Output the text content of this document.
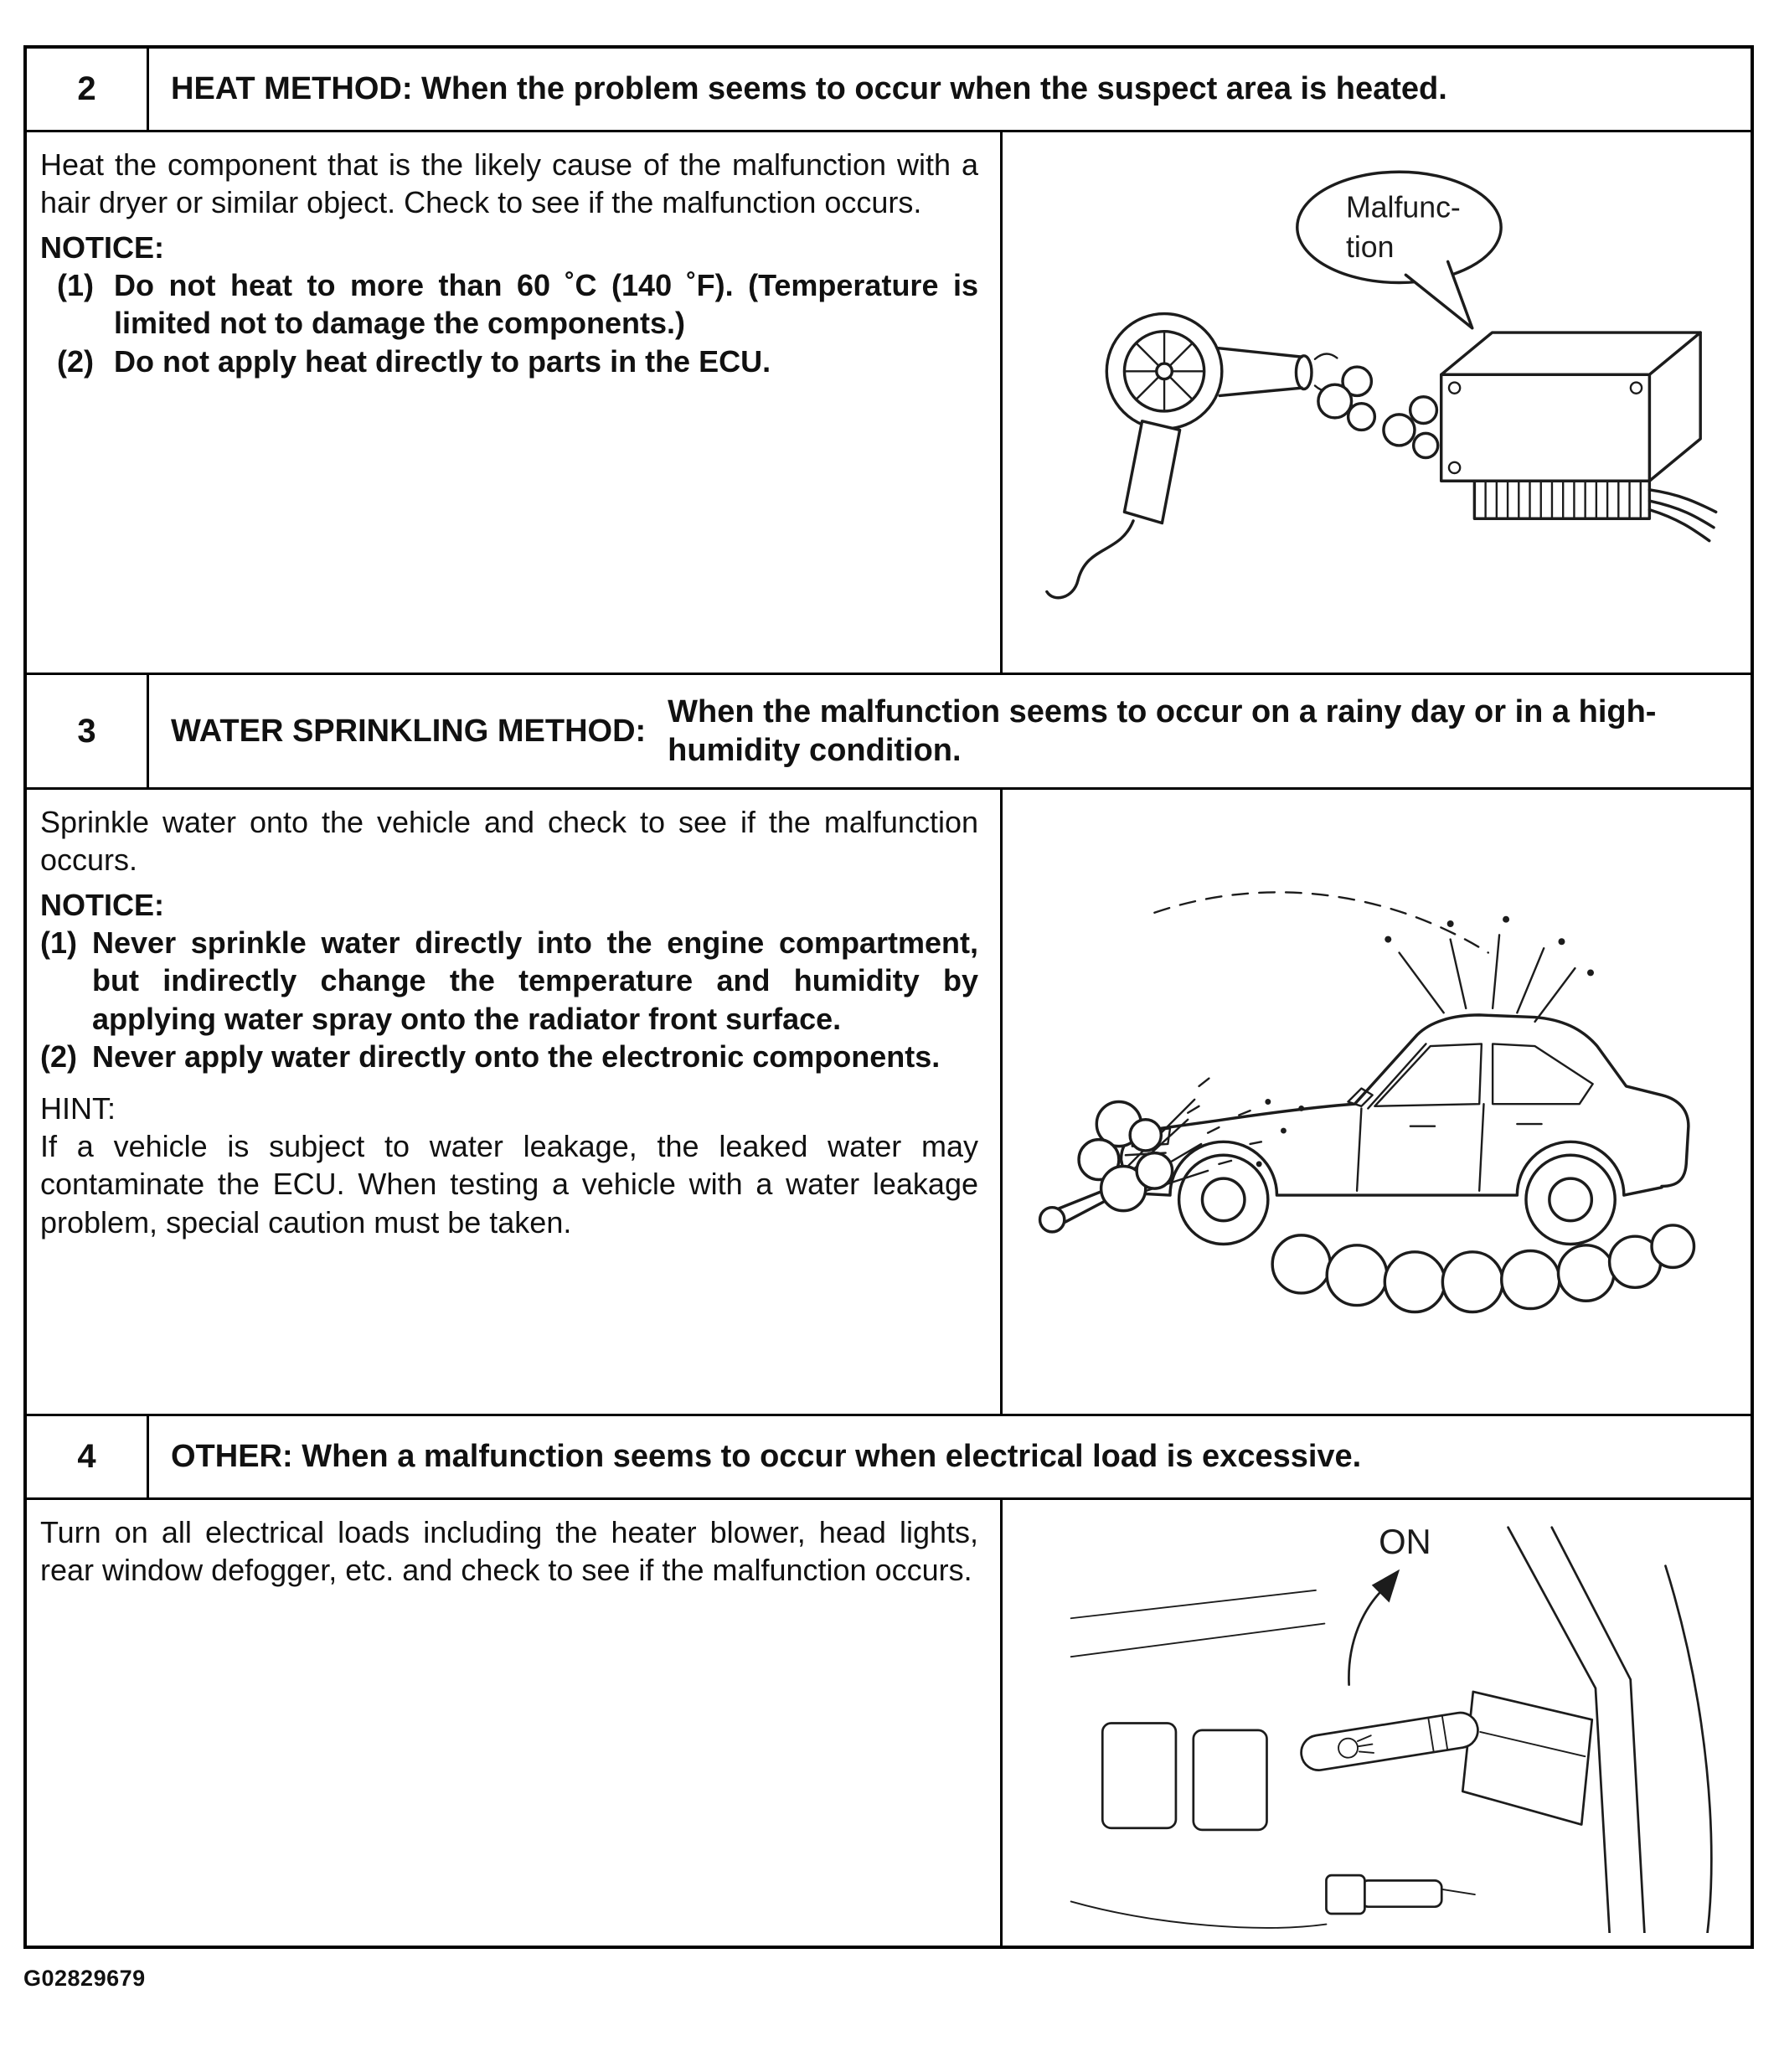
2	HEAT METHOD: When the problem seems to occur when the suspect area is heated.

Heat the component that is the likely cause of the malfunction with a hair dryer or similar object. Check to see if the malfunction occurs.

NOTICE:

(1) Do not heat to more than 60 ˚C (140 ˚F). (Temperature is limited not to damage the components.)
(2) Do not apply heat directly to parts in the ECU.
Malfunc-
tion
3	WATER SPRINKLING METHOD:
When the malfunction seems to occur on a rainy day or in a high-humidity condition.

Sprinkle water onto the vehicle and check to see if the malfunction occurs.

NOTICE:

(1) Never sprinkle water directly into the engine compartment, but indirectly change the temperature and humidity by applying water spray onto the radiator front surface.
(2) Never apply water directly onto the electronic components.

HINT:

If a vehicle is subject to water leakage, the leaked water may contaminate the ECU. When testing a vehicle with a water leakage problem, special caution must be taken.

4	OTHER: When a malfunction seems to occur when electrical load is excessive.

Turn on all electrical loads including the heater blower, head lights, rear window defogger, etc. and check to see if the malfunction occurs.

ON
G02829679
